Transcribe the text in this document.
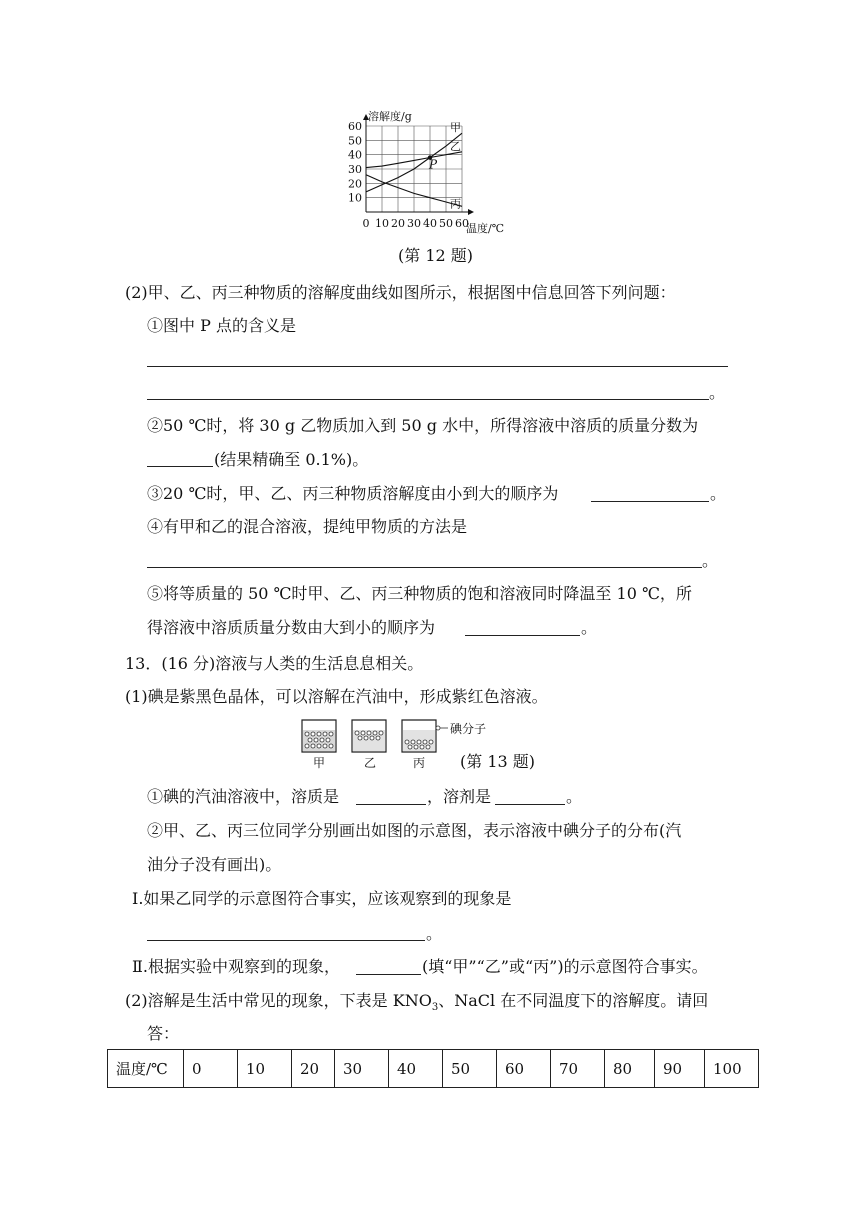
10
20
30
40
50
60
0 10 20 30 40 50 60
溶解度/g
温度/℃
甲
乙
丙
P
(第 12 题)
(2)甲、乙、丙三种物质的溶解度曲线如图所示，根据图中信息回答下列问题：
①图中 P 点的含义是
。
②50 ℃时，将 30 g 乙物质加入到 50 g 水中，所得溶液中溶质的质量分数为
(结果精确至 0.1%)。
③20 ℃时，甲、乙、丙三种物质溶解度由小到大的顺序为	。
④有甲和乙的混合溶液，提纯甲物质的方法是
。
⑤将等质量的 50 ℃时甲、乙、丙三种物质的饱和溶液同时降温至 10 ℃，所
得溶液中溶质质量分数由大到小的顺序为	。
13．(16 分)溶液与人类的生活息息相关。
(1)碘是紫黑色晶体，可以溶解在汽油中，形成紫红色溶液。
碘分子
甲	乙	丙 (第 13 题)
①碘的汽油溶液中，溶质是	，溶剂是	。
②甲、乙、丙三位同学分别画出如图的示意图，表示溶液中碘分子的分布(汽
油分子没有画出)。
Ⅰ.如果乙同学的示意图符合事实，应该观察到的现象是
。
Ⅱ.根据实验中观察到的现象，	(填“甲”“乙”或“丙”)的示意图符合事实。
(2)溶解是生活中常见的现象，下表是 $KNO_3$、NaCl 在不同温度下的溶解度。请回
答：
温度/℃	0	10	20	30	40	50	60	70	80	90	100
